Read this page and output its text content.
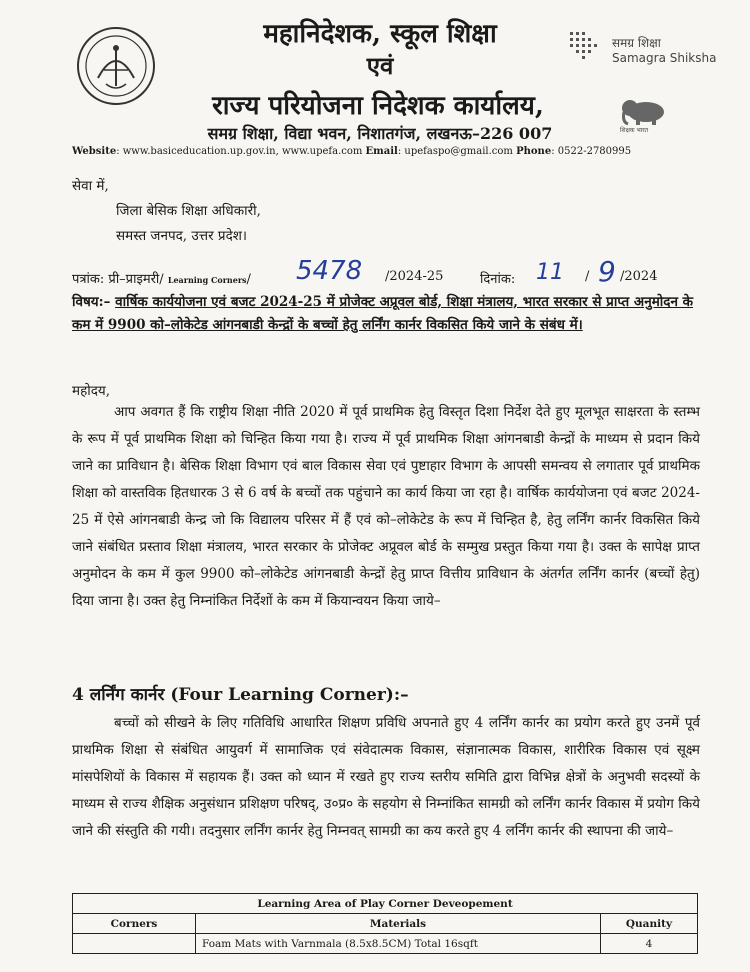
महानिदेशक, स्कूल शिक्षा
एवं
राज्य परियोजना निदेशक कार्यालय,
समग्र शिक्षा, विद्या भवन, निशातगंज, लखनऊ–226 007
Website: www.basiceducation.up.gov.in, www.upefa.com Email: upefaspo@gmail.com Phone: 0522-2780995
समग्र शिक्षा
Samagra Shiksha
शिक्षक भारत
सेवा में,
जिला बेसिक शिक्षा अधिकारी,
समस्त जनपद, उत्तर प्रदेश।
पत्रांक: प्री–प्राइमरी/ Learning Corners/ 5478 /2024-25	दिनांक: 11 / 9 /2024
विषय:– वार्षिक कार्ययोजना एवं बजट 2024-25 में प्रोजेक्ट अप्रूवल बोर्ड, शिक्षा मंत्रालय, भारत सरकार से प्राप्त अनुमोदन के कम में 9900 को–लोकेटेड आंगनबाडी केन्द्रों के बच्चों हेतु लर्निंग कार्नर विकसित किये जाने के संबंध में।
महोदय,
आप अवगत हैं कि राष्ट्रीय शिक्षा नीति 2020 में पूर्व प्राथमिक हेतु विस्तृत दिशा निर्देश देते हुए मूलभूत साक्षरता के स्तम्भ के रूप में पूर्व प्राथमिक शिक्षा को चिन्हित किया गया है। राज्य में पूर्व प्राथमिक शिक्षा आंगनबाडी केन्द्रों के माध्यम से प्रदान किये जाने का प्राविधान है। बेसिक शिक्षा विभाग एवं बाल विकास सेवा एवं पुष्टाहार विभाग के आपसी समन्वय से लगातार पूर्व प्राथमिक शिक्षा को वास्तविक हितधारक 3 से 6 वर्ष के बच्चों तक पहुंचाने का कार्य किया जा रहा है। वार्षिक कार्ययोजना एवं बजट 2024-25 में ऐसे आंगनबाडी केन्द्र जो कि विद्यालय परिसर में हैं एवं को–लोकेटेड के रूप में चिन्हित है, हेतु लर्निंग कार्नर विकसित किये जाने संबंधित प्रस्ताव शिक्षा मंत्रालय, भारत सरकार के प्रोजेक्ट अप्रूवल बोर्ड के सम्मुख प्रस्तुत किया गया है। उक्त के सापेक्ष प्राप्त अनुमोदन के कम में कुल 9900 को–लोकेटेड आंगनबाडी केन्द्रों हेतु प्राप्त वित्तीय प्राविधान के अंतर्गत लर्निंग कार्नर (बच्चों हेतु) दिया जाना है। उक्त हेतु निम्नांकित निर्देशों के कम में कियान्वयन किया जाये–
4 लर्निंग कार्नर (Four Learning Corner):–
बच्चों को सीखने के लिए गतिविधि आधारित शिक्षण प्रविधि अपनाते हुए 4 लर्निंग कार्नर का प्रयोग करते हुए उनमें पूर्व प्राथमिक शिक्षा से संबंधित आयुवर्ग में सामाजिक एवं संवेदात्मक विकास, संज्ञानात्मक विकास, शारीरिक विकास एवं सूक्ष्म मांसपेशियों के विकास में सहायक हैं। उक्त को ध्यान में रखते हुए राज्य स्तरीय समिति द्वारा विभिन्न क्षेत्रों के अनुभवी सदस्यों के माध्यम से राज्य शैक्षिक अनुसंधान प्रशिक्षण परिषद्, उ०प्र० के सहयोग से निम्नांकित सामग्री को लर्निंग कार्नर विकास में प्रयोग किये जाने की संस्तुति की गयी। तदनुसार लर्निंग कार्नर हेतु निम्नवत् सामग्री का कय करते हुए 4 लर्निंग कार्नर की स्थापना की जाये–
Learning Area of Play Corner Deveopement		
Corners	Materials	Quanity
	Foam Mats with Varnmala (8.5x8.5CM) Total 16sqft	4
